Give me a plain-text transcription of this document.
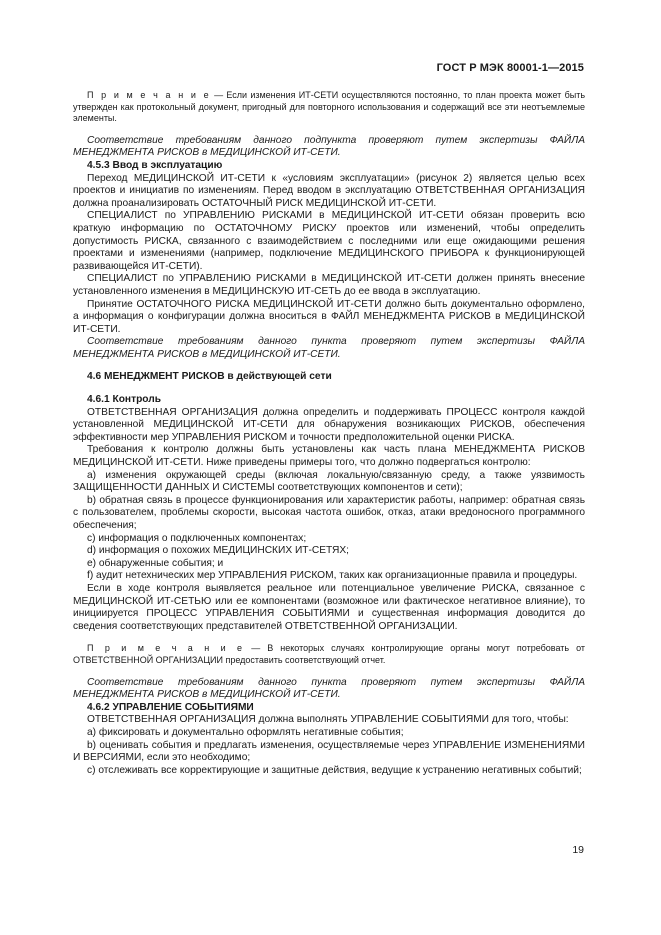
ГОСТ Р МЭК 80001-1—2015

П р и м е ч а н и е — Если изменения ИТ-СЕТИ осуществляются постоянно, то план проекта может быть утвержден как протокольный документ, пригодный для повторного использования и содержащий все эти неотъемлемые элементы.

Соответствие требованиям данного подпункта проверяют путем экспертизы ФАЙЛА МЕНЕДЖМЕНТА РИСКОВ в МЕДИЦИНСКОЙ ИТ-СЕТИ.

4.5.3 Ввод в эксплуатацию

Переход МЕДИЦИНСКОЙ ИТ-СЕТИ к «условиям эксплуатации» (рисунок 2) является целью всех проектов и инициатив по изменениям. Перед вводом в эксплуатацию ОТВЕТСТВЕННАЯ ОРГАНИЗАЦИЯ должна проанализировать ОСТАТОЧНЫЙ РИСК МЕДИЦИНСКОЙ ИТ-СЕТИ.

СПЕЦИАЛИСТ по УПРАВЛЕНИЮ РИСКАМИ в МЕДИЦИНСКОЙ ИТ-СЕТИ обязан проверить всю краткую информацию по ОСТАТОЧНОМУ РИСКУ проектов или изменений, чтобы определить допустимость РИСКА, связанного с взаимодействием с последними или еще ожидающими решения проектами и изменениями (например, подключение МЕДИЦИНСКОГО ПРИБОРА к функционирующей развивающейся ИТ-СЕТИ).

СПЕЦИАЛИСТ по УПРАВЛЕНИЮ РИСКАМИ в МЕДИЦИНСКОЙ ИТ-СЕТИ должен принять внесение установленного изменения в МЕДИЦИНСКУЮ ИТ-СЕТЬ до ее ввода в эксплуатацию.

Принятие ОСТАТОЧНОГО РИСКА МЕДИЦИНСКОЙ ИТ-СЕТИ должно быть документально оформлено, а информация о конфигурации должна вноситься в ФАЙЛ МЕНЕДЖМЕНТА РИСКОВ в МЕДИЦИНСКОЙ ИТ-СЕТИ.

Соответствие требованиям данного пункта проверяют путем экспертизы ФАЙЛА МЕНЕДЖМЕНТА РИСКОВ в МЕДИЦИНСКОЙ ИТ-СЕТИ.

4.6 МЕНЕДЖМЕНТ РИСКОВ в действующей сети

4.6.1 Контроль

ОТВЕТСТВЕННАЯ ОРГАНИЗАЦИЯ должна определить и поддерживать ПРОЦЕСС контроля каждой установленной МЕДИЦИНСКОЙ ИТ-СЕТИ для обнаружения возникающих РИСКОВ, обеспечения эффективности мер УПРАВЛЕНИЯ РИСКОМ и точности предположительной оценки РИСКА.

Требования к контролю должны быть установлены как часть плана МЕНЕДЖМЕНТА РИСКОВ МЕДИЦИНСКОЙ ИТ-СЕТИ. Ниже приведены примеры того, что должно подвергаться контролю:

a) изменения окружающей среды (включая локальную/связанную среду, а также уязвимость ЗАЩИЩЕННОСТИ ДАННЫХ И СИСТЕМЫ соответствующих компонентов и сети);

b) обратная связь в процессе функционирования или характеристик работы, например: обратная связь с пользователем, проблемы скорости, высокая частота ошибок, отказ, атаки вредоносного программного обеспечения;

c) информация о подключенных компонентах;

d) информация о похожих МЕДИЦИНСКИХ ИТ-СЕТЯХ;

e) обнаруженные события; и

f) аудит нетехнических мер УПРАВЛЕНИЯ РИСКОМ, таких как организационные правила и процедуры.

Если в ходе контроля выявляется реальное или потенциальное увеличение РИСКА, связанное с МЕДИЦИНСКОЙ ИТ-СЕТЬЮ или ее компонентами (возможное или фактическое негативное влияние), то инициируется ПРОЦЕСС УПРАВЛЕНИЯ СОБЫТИЯМИ и существенная информация доводится до сведения соответствующих представителей ОТВЕТСТВЕННОЙ ОРГАНИЗАЦИИ.

П р и м е ч а н и е — В некоторых случаях контролирующие органы могут потребовать от ОТВЕТСТВЕННОЙ ОРГАНИЗАЦИИ предоставить соответствующий отчет.

Соответствие требованиям данного пункта проверяют путем экспертизы ФАЙЛА МЕНЕДЖМЕНТА РИСКОВ в МЕДИЦИНСКОЙ ИТ-СЕТИ.

4.6.2 УПРАВЛЕНИЕ СОБЫТИЯМИ

ОТВЕТСТВЕННАЯ ОРГАНИЗАЦИЯ должна выполнять УПРАВЛЕНИЕ СОБЫТИЯМИ для того, чтобы:

a) фиксировать и документально оформлять негативные события;

b) оценивать события и предлагать изменения, осуществляемые через УПРАВЛЕНИЕ ИЗМЕНЕНИЯМИ И ВЕРСИЯМИ, если это необходимо;

c) отслеживать все корректирующие и защитные действия, ведущие к устранению негативных событий;

19
